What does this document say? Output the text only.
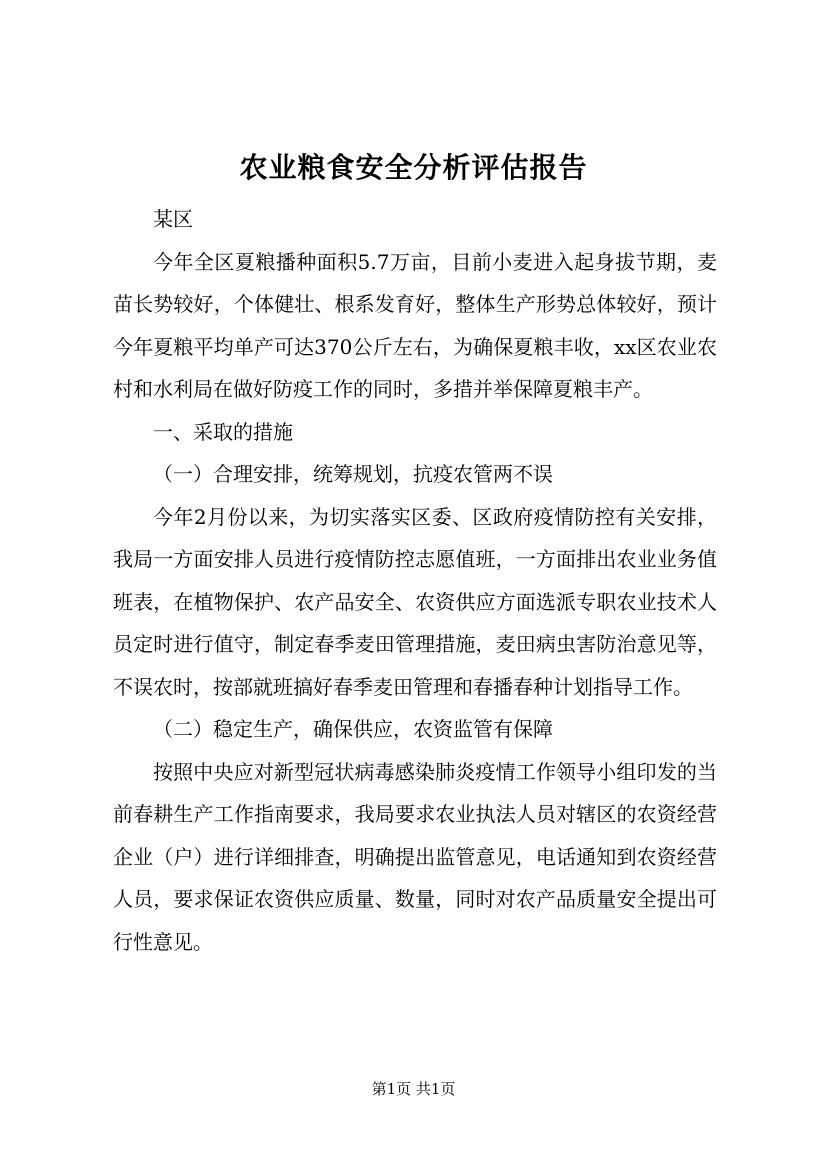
农业粮食安全分析评估报告

某区

今年全区夏粮播种面积5.7万亩，目前小麦进入起身拔节期，麦苗长势较好，个体健壮、根系发育好，整体生产形势总体较好，预计今年夏粮平均单产可达370公斤左右，为确保夏粮丰收，xx区农业农村和水利局在做好防疫工作的同时，多措并举保障夏粮丰产。

一、采取的措施

（一）合理安排，统筹规划，抗疫农管两不误

今年2月份以来，为切实落实区委、区政府疫情防控有关安排，我局一方面安排人员进行疫情防控志愿值班，一方面排出农业业务值班表，在植物保护、农产品安全、农资供应方面选派专职农业技术人员定时进行值守，制定春季麦田管理措施，麦田病虫害防治意见等，不误农时，按部就班搞好春季麦田管理和春播春种计划指导工作。

（二）稳定生产，确保供应，农资监管有保障

按照中央应对新型冠状病毒感染肺炎疫情工作领导小组印发的当前春耕生产工作指南要求，我局要求农业执法人员对辖区的农资经营企业（户）进行详细排查，明确提出监管意见，电话通知到农资经营人员，要求保证农资供应质量、数量，同时对农产品质量安全提出可行性意见。

第1页 共1页
